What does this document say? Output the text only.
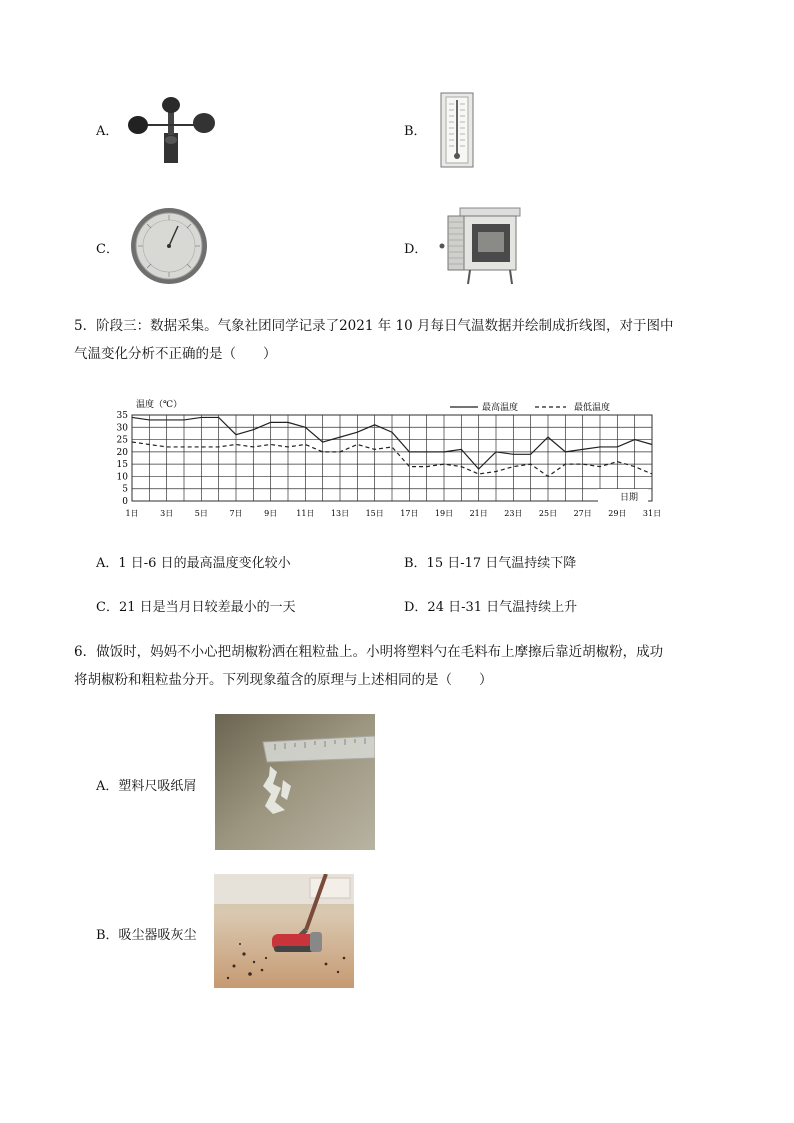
A．	B．
C．	D．
5．阶段三：数据采集。气象社团同学记录了2021 年 10 月每日气温数据并绘制成折线图，对于图中
气温变化分析不正确的是（　　）
0
5
10
15
20
25
30
35
1日	3日	5日	7日	9日 11日 13日 15日 17日 19日 21日 23日 25日 27日 29日 31日
温度（℃）
日期
最高温度	最低温度
A．1 日-6 日的最高温度变化较小	B．15 日-17 日气温持续下降
C．21 日是当月日较差最小的一天	D．24 日-31 日气温持续上升
6．做饭时，妈妈不小心把胡椒粉洒在粗粒盐上。小明将塑料勺在毛料布上摩擦后靠近胡椒粉，成功
将胡椒粉和粗粒盐分开。下列现象蕴含的原理与上述相同的是（　　）
A．塑料尺吸纸屑
B．吸尘器吸灰尘
